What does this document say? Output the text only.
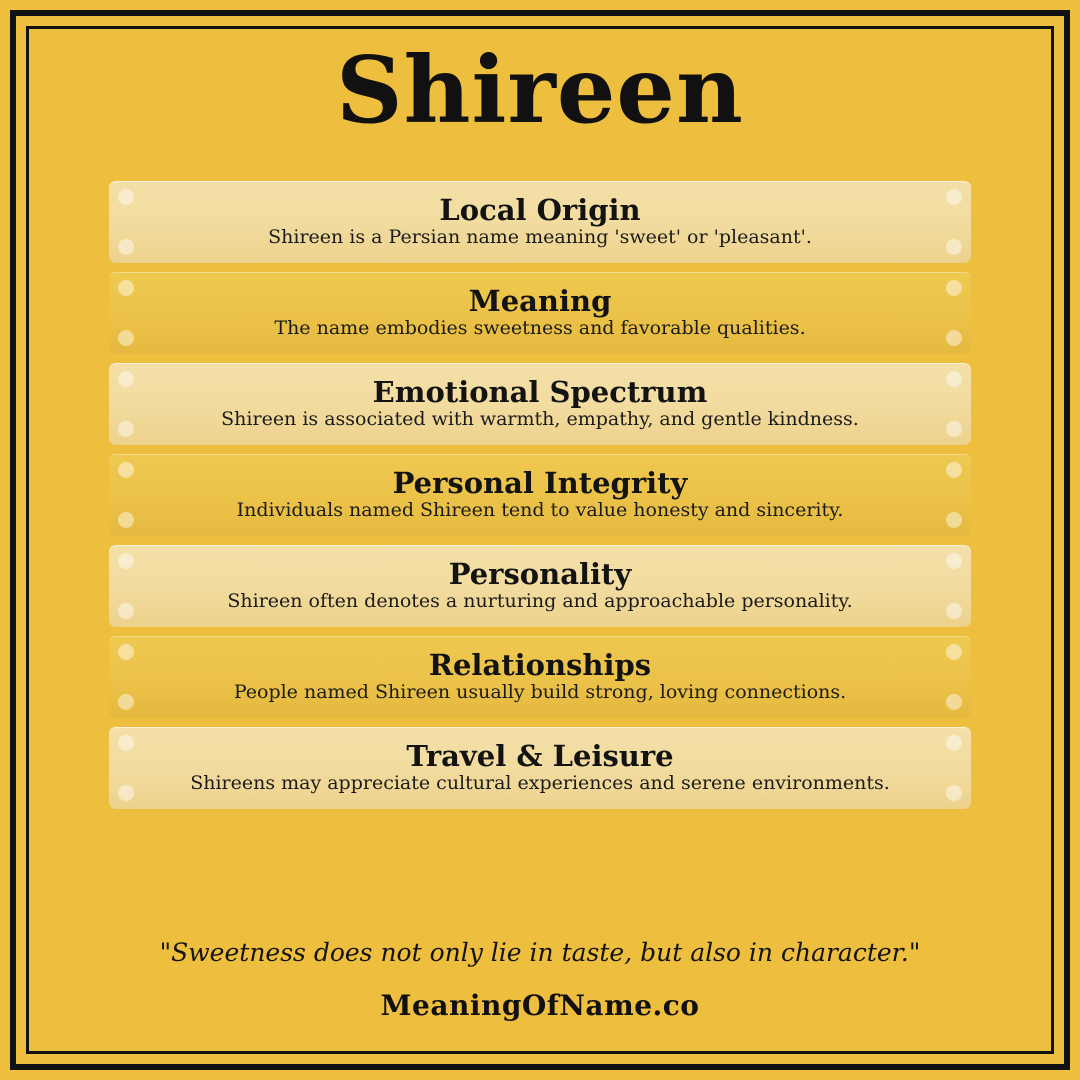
Shireen
Local Origin
Shireen is a Persian name meaning 'sweet' or 'pleasant'.
Meaning
The name embodies sweetness and favorable qualities.
Emotional Spectrum
Shireen is associated with warmth, empathy, and gentle kindness.
Personal Integrity
Individuals named Shireen tend to value honesty and sincerity.
Personality
Shireen often denotes a nurturing and approachable personality.
Relationships
People named Shireen usually build strong, loving connections.
Travel & Leisure
Shireens may appreciate cultural experiences and serene environments.
"Sweetness does not only lie in taste, but also in character."
MeaningOfName.co
